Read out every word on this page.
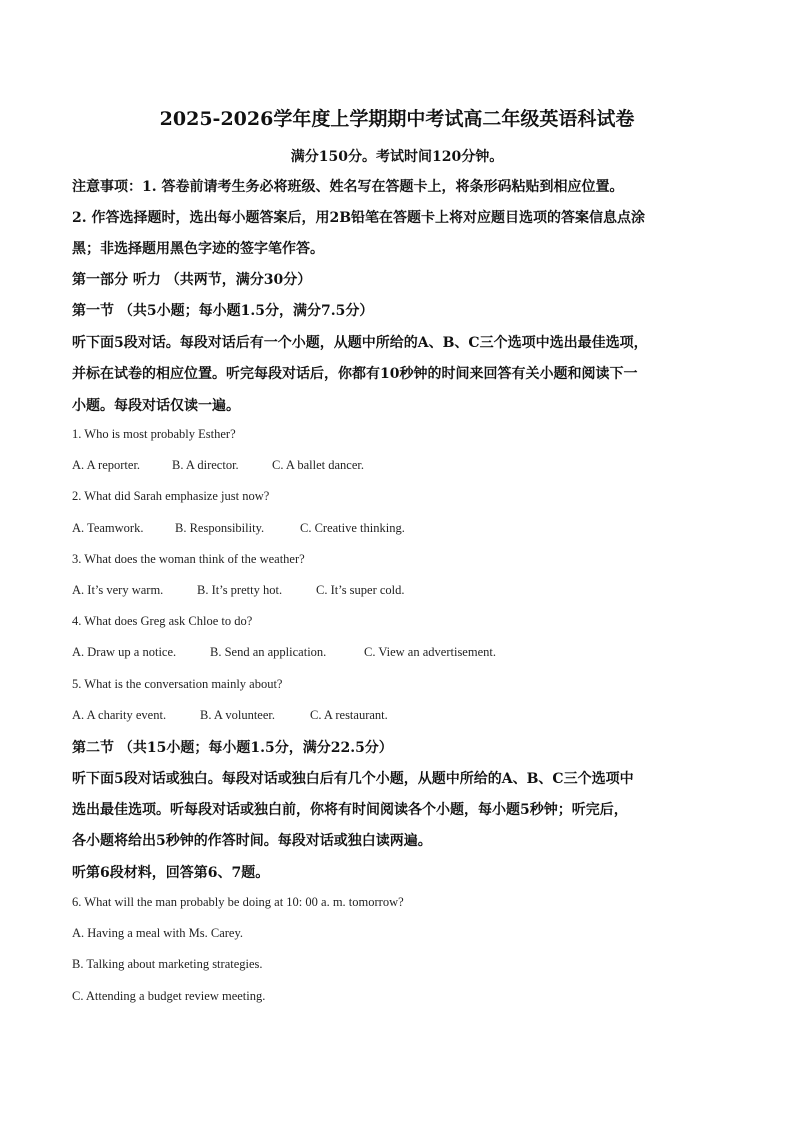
2025-2026学年度上学期期中考试高二年级英语科试卷
满分150分。考试时间120分钟。
注意事项：1. 答卷前请考生务必将班级、姓名写在答题卡上，将条形码粘贴到相应位置。
2. 作答选择题时，选出每小题答案后，用2B铅笔在答题卡上将对应题目选项的答案信息点涂
黑；非选择题用黑色字迹的签字笔作答。
第一部分 听力 （共两节，满分30分）
第一节 （共5小题；每小题1.5分，满分7.5分）
听下面5段对话。每段对话后有一个小题，从题中所给的A、B、C三个选项中选出最佳选项，
并标在试卷的相应位置。听完每段对话后，你都有10秒钟的时间来回答有关小题和阅读下一
小题。每段对话仅读一遍。
1. Who is most probably Esther?
A. A reporter.	B. A director.	C. A ballet dancer.
2. What did Sarah emphasize just now?
A. Teamwork.	B. Responsibility.	C. Creative thinking.
3. What does the woman think of the weather?
A. It’s very warm.	B. It’s pretty hot.	C. It’s super cold.
4. What does Greg ask Chloe to do?
A. Draw up a notice.	B. Send an application.	C. View an advertisement.
5. What is the conversation mainly about?
A. A charity event.	B. A volunteer.	C. A restaurant.
第二节 （共15小题；每小题1.5分，满分22.5分）
听下面5段对话或独白。每段对话或独白后有几个小题，从题中所给的A、B、C三个选项中
选出最佳选项。听每段对话或独白前，你将有时间阅读各个小题，每小题5秒钟；听完后，
各小题将给出5秒钟的作答时间。每段对话或独白读两遍。
听第6段材料，回答第6、7题。
6. What will the man probably be doing at 10: 00 a. m. tomorrow?
A. Having a meal with Ms. Carey.
B. Talking about marketing strategies.
C. Attending a budget review meeting.
